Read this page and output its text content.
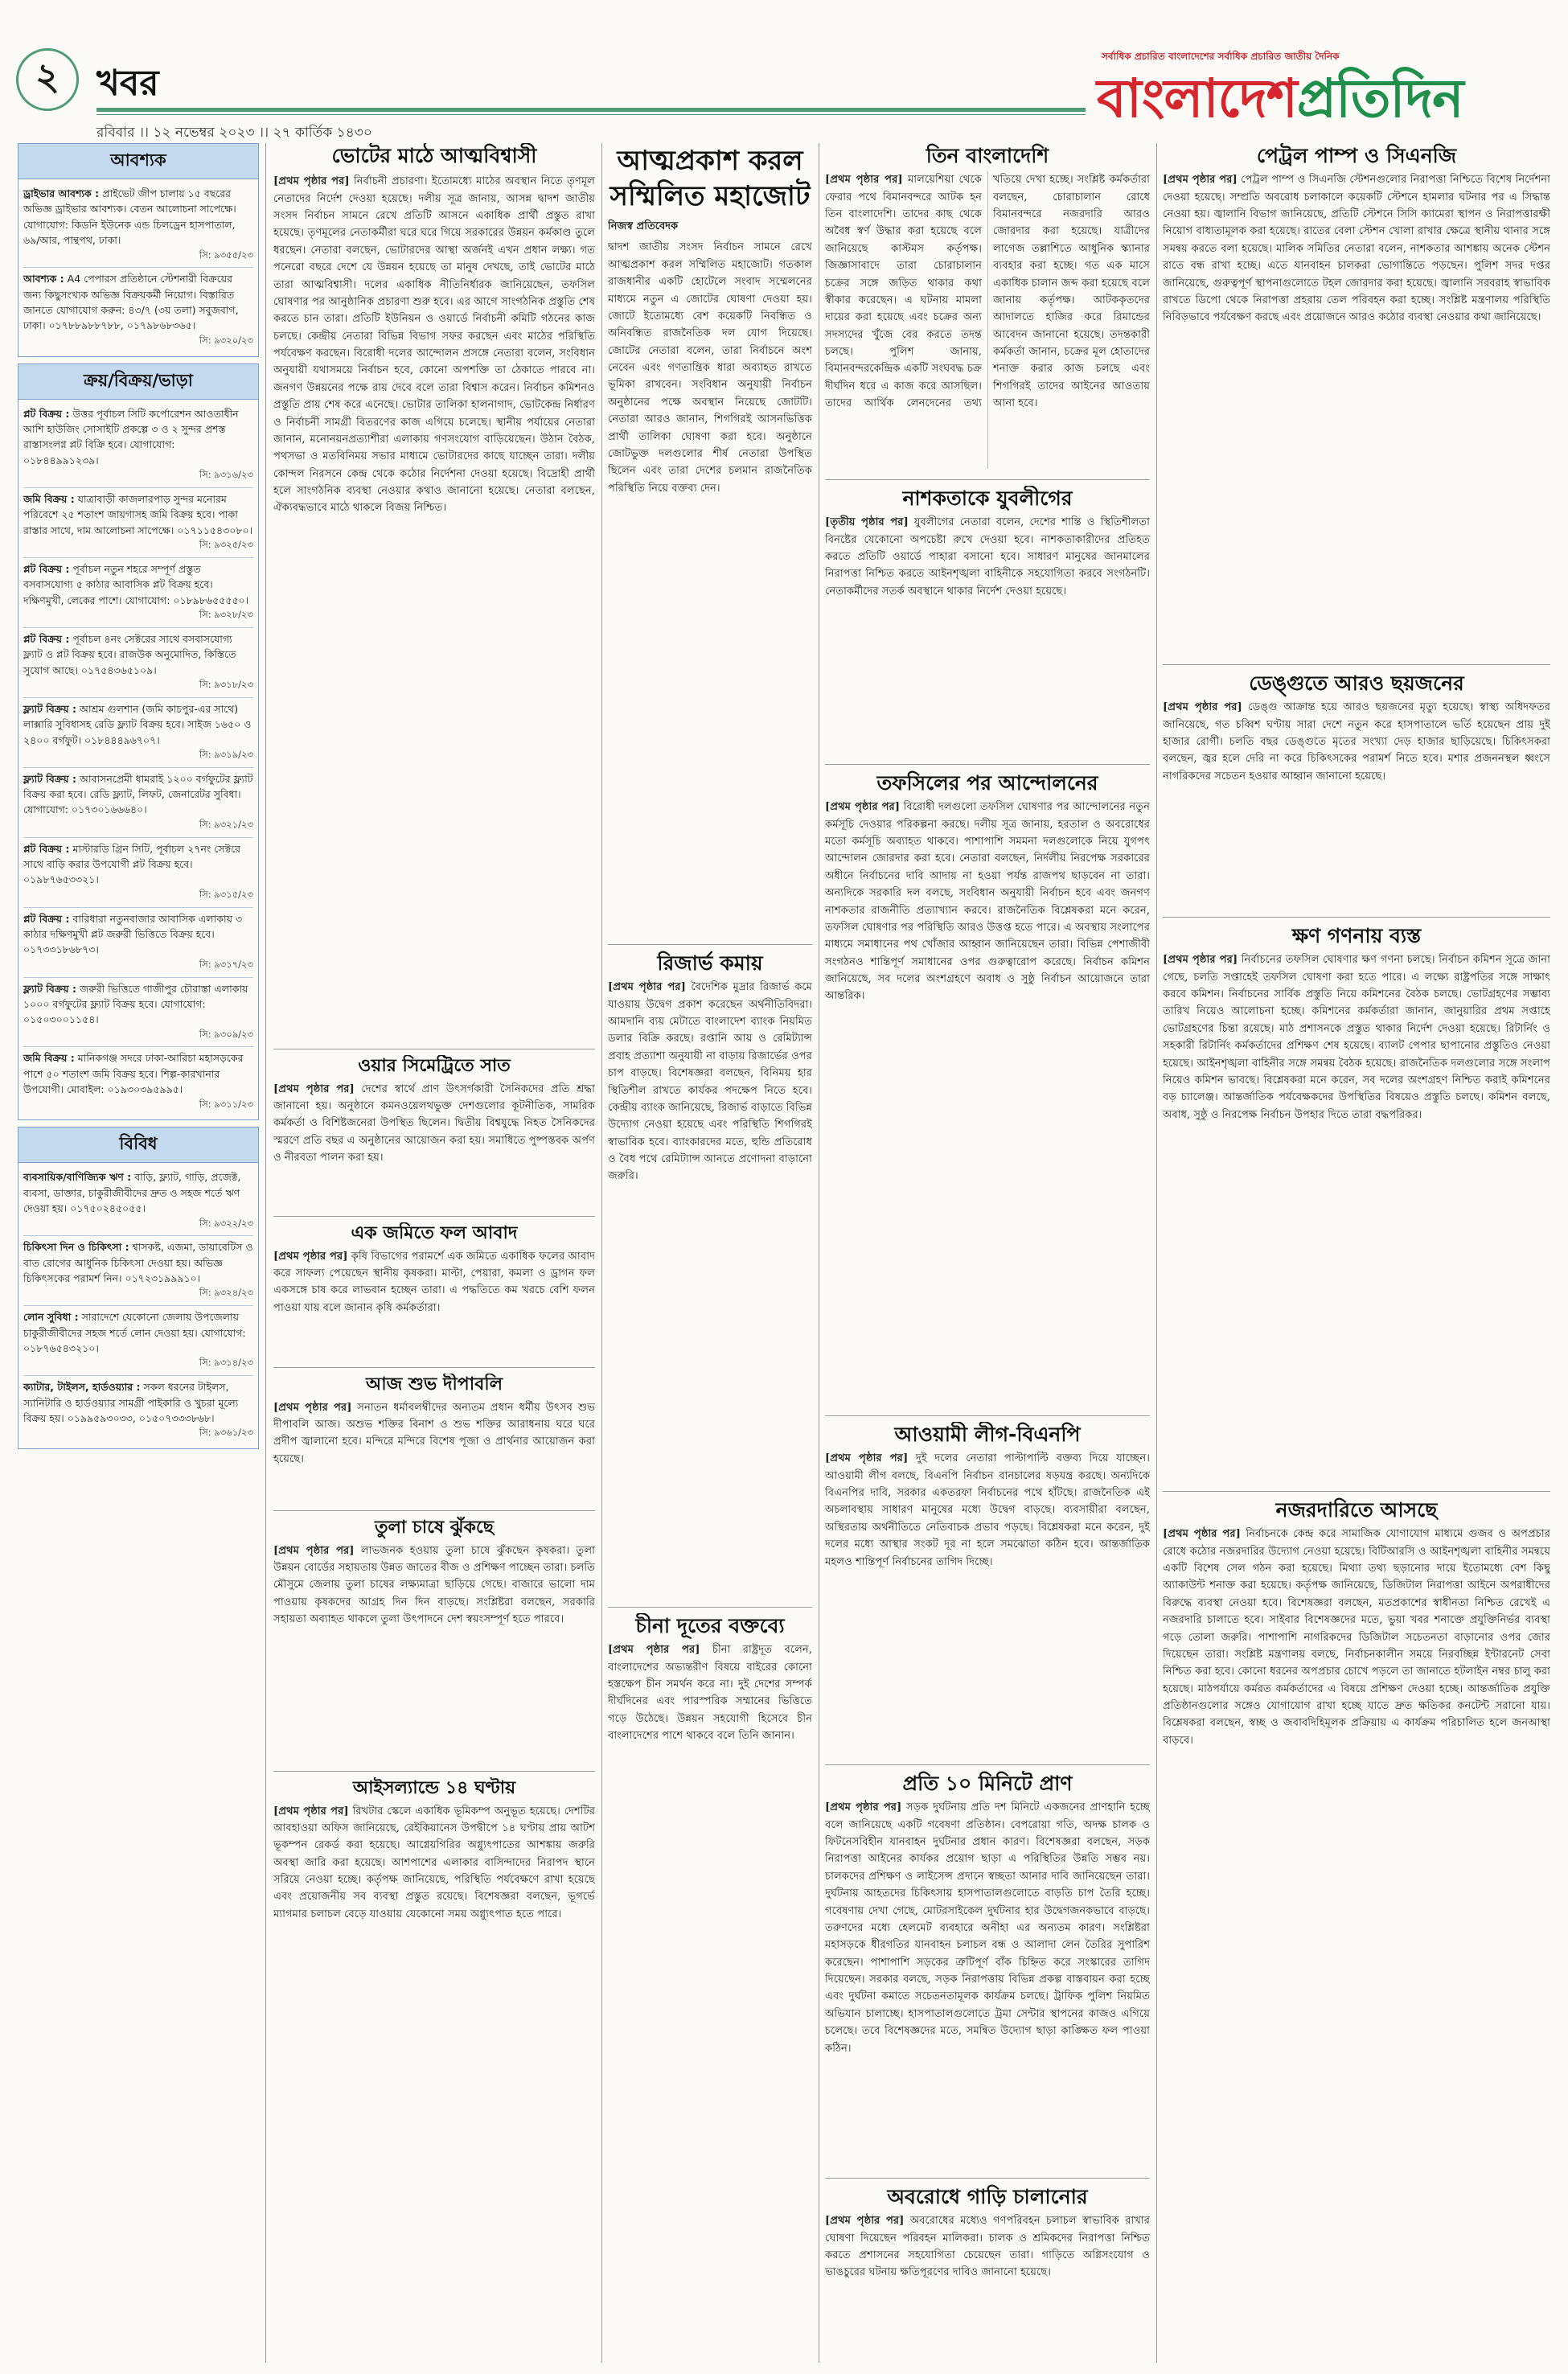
২	খবর
রবিবার ।। ১২ নভেম্বর ২০২৩ ।। ২৭ কার্তিক ১৪৩০
সর্বাধিক প্রচারিত বাংলাদেশের সর্বাধিক প্রচারিত জাতীয় দৈনিক
বাংলাদেশপ্রতিদিন
আবশ্যক
ড্রাইভার আবশ্যক : প্রাইভেট জীপ চালায় ১৫ বছরের অভিজ্ঞ ড্রাইভার আবশ্যক। বেতন আলোচনা সাপেক্ষে। যোগাযোগ: কিডনি ইউনেক এন্ড চিলড্রেন হাসপাতাল, ৬৯/আর, পান্থপথ, ঢাকা।
সি: ৯৩৫৫/২৩
আবশ্যক : A4 পেপারস প্রতিষ্ঠানে স্টেশনারী বিক্রয়ের জন্য কিছুসংখ্যক অভিজ্ঞ বিক্রয়কর্মী নিয়োগ। বিস্তারিত জানতে যোগাযোগ করুন: ৪৩/৭ (৩য় তলা) সবুজবাগ, ঢাকা। ০১৭৮৮৯৮৮৭৮৮, ০১৭৯৮৬৮৩৬৫।
সি: ৯৩২০/২৩
ক্রয়/বিক্রয়/ভাড়া
প্লট বিক্রয় : উত্তর পূর্বাচল সিটি কর্পোরেশন আওতাধীন আশি হাউজিং সোসাইটি প্রকল্পে ৩ ও ২ সুন্দর প্রশস্ত রাস্তাসংলগ্ন প্লট বিক্রি হবে। যোগাযোগ: ০১৮৪৪৯৯১২৩৯।
সি: ৯৩১৬/২৩
জমি বিক্রয় : যাত্রাবাড়ী কাজলারপাড় সুন্দর মনোরম পরিবেশে ২৫ শতাংশ জায়গাসহ জমি বিক্রয় হবে। পাকা রাস্তার সাথে, দাম আলোচনা সাপেক্ষে। ০১৭১১৫৪৩০৮০।
সি: ৯৩২৫/২৩
প্লট বিক্রয় : পূর্বাচল নতুন শহরে সম্পূর্ণ প্রস্তুত বসবাসযোগ্য ৫ কাঠার আবাসিক প্লট বিক্রয় হবে। দক্ষিণমুখী, লেকের পাশে। যোগাযোগ: ০১৮৯৮৬৫৫৫৫০।
সি: ৯৩২৮/২৩
প্লট বিক্রয় : পূর্বাচল ৪নং সেক্টরের সাথে বসবাসযোগ্য ফ্ল্যাট ও প্লট বিক্রয় হবে। রাজউক অনুমোদিত, কিস্তিতে সুযোগ আছে। ০১৭৫৪৩৬৫১০৯।
সি: ৯৩১৮/২৩
ফ্ল্যাট বিক্রয় : আশ্রম গুলশান (জমি কাচপুর-এর সাথে) লাক্সারি সুবিধাসহ রেডি ফ্ল্যাট বিক্রয় হবে। সাইজ ১৬৫০ ও ২৪০০ বর্গফুট। ০১৮৪৪৪৯৬৭০৭।
সি: ৯৩১৯/২৩
ফ্ল্যাট বিক্রয় : আবাসনপ্রেমী ধামরাই ১২০০ বর্গফুটের ফ্ল্যাট বিক্রয় করা হবে। রেডি ফ্ল্যাট, লিফট, জেনারেটর সুবিধা। যোগাযোগ: ০১৭৩০১৬৬৬৪০।
সি: ৯৩২১/২৩
প্লট বিক্রয় : মাস্টারডি গ্রিন সিটি, পূর্বাচল ২৭নং সেক্টরে সাথে বাড়ি করার উপযোগী প্লট বিক্রয় হবে। ০১৯৮৭৬৫৩৩২১।
সি: ৯৩১৫/২৩
প্লট বিক্রয় : বারিধারা নতুনবাজার আবাসিক এলাকায় ৩ কাঠার দক্ষিণমুখী প্লট জরুরী ভিত্তিতে বিক্রয় হবে। ০১৭৩৩১৮৬৮৭৩।
সি: ৯৩১৭/২৩
ফ্ল্যাট বিক্রয় : জরুরী ভিত্তিতে গাজীপুর চৌরাস্তা এলাকায় ১০০০ বর্গফুটের ফ্ল্যাট বিক্রয় হবে। যোগাযোগ: ০১৫০৩০০১১৫৪।
সি: ৯৩০৯/২৩
জমি বিক্রয় : মানিকগঞ্জ সদরে ঢাকা-আরিচা মহাসড়কের পাশে ৫০ শতাংশ জমি বিক্রয় হবে। শিল্প-কারখানার উপযোগী। মোবাইল: ০১৯৩০৩৯৫৯৯৫।
সি: ৯৩১১/২৩
বিবিধ
ব্যবসায়িক/বাণিজ্যিক ঋণ : বাড়ি, ফ্ল্যাট, গাড়ি, প্রজেক্ট, ব্যবসা, ডাক্তার, চাকুরীজীবীদের দ্রুত ও সহজ শর্তে ঋণ দেওয়া হয়। ০১৭৫০২৪৫০৫৫।
সি: ৯৩২২/২৩
চিকিৎসা দিন ও চিকিৎসা : শ্বাসকষ্ট, এজমা, ডায়াবেটিস ও বাত রোগের আধুনিক চিকিৎসা দেওয়া হয়। অভিজ্ঞ চিকিৎসকের পরামর্শ নিন। ০১৭২৩১৯৯৯১০।
সি: ৯৩২৪/২৩
লোন সুবিধা : সারাদেশে যেকোনো জেলায় উপজেলায় চাকুরীজীবীদের সহজ শর্তে লোন দেওয়া হয়। যোগাযোগ: ০১৮৭৬৫৪৩২১০।
সি: ৯৩১৪/২৩
ক্যাটার, টাইলস, হার্ডওয়্যার : সকল ধরনের টাইলস, স্যানিটারি ও হার্ডওয়্যার সামগ্রী পাইকারি ও খুচরা মূল্যে বিক্রয় হয়। ০১৯৯৫৯৩০৩৩, ০১৫০৭৩৩৩৮৬৮।
সি: ৯৩৬১/২৩
ভোটের মাঠে আত্মবিশ্বাসী
[প্রথম পৃষ্ঠার পর] নির্বাচনী প্রচারণা। ইতোমধ্যে মাঠের অবস্থান নিতে তৃণমূল নেতাদের নির্দেশ দেওয়া হয়েছে। দলীয় সূত্র জানায়, আসন্ন দ্বাদশ জাতীয় সংসদ নির্বাচন সামনে রেখে প্রতিটি আসনে একাধিক প্রার্থী প্রস্তুত রাখা হয়েছে। তৃণমূলের নেতাকর্মীরা ঘরে ঘরে গিয়ে সরকারের উন্নয়ন কর্মকাণ্ড তুলে ধরছেন। নেতারা বলছেন, ভোটারদের আস্থা অর্জনই এখন প্রধান লক্ষ্য। গত পনেরো বছরে দেশে যে উন্নয়ন হয়েছে তা মানুষ দেখছে, তাই ভোটের মাঠে তারা আত্মবিশ্বাসী। দলের একাধিক নীতিনির্ধারক জানিয়েছেন, তফসিল ঘোষণার পর আনুষ্ঠানিক প্রচারণা শুরু হবে। এর আগে সাংগঠনিক প্রস্তুতি শেষ করতে চান তারা। প্রতিটি ইউনিয়ন ও ওয়ার্ডে নির্বাচনী কমিটি গঠনের কাজ চলছে। কেন্দ্রীয় নেতারা বিভিন্ন বিভাগ সফর করছেন এবং মাঠের পরিস্থিতি পর্যবেক্ষণ করছেন। বিরোধী দলের আন্দোলন প্রসঙ্গে নেতারা বলেন, সংবিধান অনুযায়ী যথাসময়ে নির্বাচন হবে, কোনো অপশক্তি তা ঠেকাতে পারবে না। জনগণ উন্নয়নের পক্ষে রায় দেবে বলে তারা বিশ্বাস করেন। নির্বাচন কমিশনও প্রস্তুতি প্রায় শেষ করে এনেছে। ভোটার তালিকা হালনাগাদ, ভোটকেন্দ্র নির্ধারণ ও নির্বাচনী সামগ্রী বিতরণের কাজ এগিয়ে চলেছে। স্থানীয় পর্যায়ের নেতারা জানান, মনোনয়নপ্রত্যাশীরা এলাকায় গণসংযোগ বাড়িয়েছেন। উঠান বৈঠক, পথসভা ও মতবিনিময় সভার মাধ্যমে ভোটারদের কাছে যাচ্ছেন তারা। দলীয় কোন্দল নিরসনে কেন্দ্র থেকে কঠোর নির্দেশনা দেওয়া হয়েছে। বিদ্রোহী প্রার্থী হলে সাংগঠনিক ব্যবস্থা নেওয়ার কথাও জানানো হয়েছে। নেতারা বলছেন, ঐক্যবদ্ধভাবে মাঠে থাকলে বিজয় নিশ্চিত।
ওয়ার সিমেট্রিতে সাত
[প্রথম পৃষ্ঠার পর] দেশের স্বার্থে প্রাণ উৎসর্গকারী সৈনিকদের প্রতি শ্রদ্ধা জানানো হয়। অনুষ্ঠানে কমনওয়েলথভুক্ত দেশগুলোর কূটনীতিক, সামরিক কর্মকর্তা ও বিশিষ্টজনেরা উপস্থিত ছিলেন। দ্বিতীয় বিশ্বযুদ্ধে নিহত সৈনিকদের স্মরণে প্রতি বছর এ অনুষ্ঠানের আয়োজন করা হয়। সমাধিতে পুষ্পস্তবক অর্পণ ও নীরবতা পালন করা হয়।
এক জমিতে ফল আবাদ
[প্রথম পৃষ্ঠার পর] কৃষি বিভাগের পরামর্শে এক জমিতে একাধিক ফলের আবাদ করে সাফল্য পেয়েছেন স্থানীয় কৃষকরা। মাল্টা, পেয়ারা, কমলা ও ড্রাগন ফল একসঙ্গে চাষ করে লাভবান হচ্ছেন তারা। এ পদ্ধতিতে কম খরচে বেশি ফলন পাওয়া যায় বলে জানান কৃষি কর্মকর্তারা।
আজ শুভ দীপাবলি
[প্রথম পৃষ্ঠার পর] সনাতন ধর্মাবলম্বীদের অন্যতম প্রধান ধর্মীয় উৎসব শুভ দীপাবলি আজ। অশুভ শক্তির বিনাশ ও শুভ শক্তির আরাধনায় ঘরে ঘরে প্রদীপ জ্বালানো হবে। মন্দিরে মন্দিরে বিশেষ পূজা ও প্রার্থনার আয়োজন করা হয়েছে।
তুলা চাষে ঝুঁকছে
[প্রথম পৃষ্ঠার পর] লাভজনক হওয়ায় তুলা চাষে ঝুঁকছেন কৃষকরা। তুলা উন্নয়ন বোর্ডের সহায়তায় উন্নত জাতের বীজ ও প্রশিক্ষণ পাচ্ছেন তারা। চলতি মৌসুমে জেলায় তুলা চাষের লক্ষ্যমাত্রা ছাড়িয়ে গেছে। বাজারে ভালো দাম পাওয়ায় কৃষকদের আগ্রহ দিন দিন বাড়ছে। সংশ্লিষ্টরা বলছেন, সরকারি সহায়তা অব্যাহত থাকলে তুলা উৎপাদনে দেশ স্বয়ংসম্পূর্ণ হতে পারবে।
আইসল্যান্ডে ১৪ ঘণ্টায়
[প্রথম পৃষ্ঠার পর] রিখটার স্কেলে একাধিক ভূমিকম্প অনুভূত হয়েছে। দেশটির আবহাওয়া অফিস জানিয়েছে, রেইকিয়ানেস উপদ্বীপে ১৪ ঘণ্টায় প্রায় আটশ ভূকম্পন রেকর্ড করা হয়েছে। আগ্নেয়গিরির অগ্ন্যুৎপাতের আশঙ্কায় জরুরি অবস্থা জারি করা হয়েছে। আশপাশের এলাকার বাসিন্দাদের নিরাপদ স্থানে সরিয়ে নেওয়া হচ্ছে। কর্তৃপক্ষ জানিয়েছে, পরিস্থিতি পর্যবেক্ষণে রাখা হয়েছে এবং প্রয়োজনীয় সব ব্যবস্থা প্রস্তুত রয়েছে। বিশেষজ্ঞরা বলছেন, ভূগর্ভে ম্যাগমার চলাচল বেড়ে যাওয়ায় যেকোনো সময় অগ্ন্যুৎপাত হতে পারে।
আত্মপ্রকাশ করল সম্মিলিত মহাজোট
নিজস্ব প্রতিবেদক
দ্বাদশ জাতীয় সংসদ নির্বাচন সামনে রেখে আত্মপ্রকাশ করল সম্মিলিত মহাজোট। গতকাল রাজধানীর একটি হোটেলে সংবাদ সম্মেলনের মাধ্যমে নতুন এ জোটের ঘোষণা দেওয়া হয়। জোটে ইতোমধ্যে বেশ কয়েকটি নিবন্ধিত ও অনিবন্ধিত রাজনৈতিক দল যোগ দিয়েছে। জোটের নেতারা বলেন, তারা নির্বাচনে অংশ নেবেন এবং গণতান্ত্রিক ধারা অব্যাহত রাখতে ভূমিকা রাখবেন। সংবিধান অনুযায়ী নির্বাচন অনুষ্ঠানের পক্ষে অবস্থান নিয়েছে জোটটি। নেতারা আরও জানান, শিগগিরই আসনভিত্তিক প্রার্থী তালিকা ঘোষণা করা হবে। অনুষ্ঠানে জোটভুক্ত দলগুলোর শীর্ষ নেতারা উপস্থিত ছিলেন এবং তারা দেশের চলমান রাজনৈতিক পরিস্থিতি নিয়ে বক্তব্য দেন।
রিজার্ভ কমায়
[প্রথম পৃষ্ঠার পর] বৈদেশিক মুদ্রার রিজার্ভ কমে যাওয়ায় উদ্বেগ প্রকাশ করেছেন অর্থনীতিবিদরা। আমদানি ব্যয় মেটাতে বাংলাদেশ ব্যাংক নিয়মিত ডলার বিক্রি করছে। রপ্তানি আয় ও রেমিট্যান্স প্রবাহ প্রত্যাশা অনুযায়ী না বাড়ায় রিজার্ভের ওপর চাপ বাড়ছে। বিশেষজ্ঞরা বলছেন, বিনিময় হার স্থিতিশীল রাখতে কার্যকর পদক্ষেপ নিতে হবে। কেন্দ্রীয় ব্যাংক জানিয়েছে, রিজার্ভ বাড়াতে বিভিন্ন উদ্যোগ নেওয়া হয়েছে এবং পরিস্থিতি শিগগিরই স্বাভাবিক হবে। ব্যাংকারদের মতে, হুন্ডি প্রতিরোধ ও বৈধ পথে রেমিট্যান্স আনতে প্রণোদনা বাড়ানো জরুরি।
চীনা দূতের বক্তব্যে
[প্রথম পৃষ্ঠার পর] চীনা রাষ্ট্রদূত বলেন, বাংলাদেশের অভ্যন্তরীণ বিষয়ে বাইরের কোনো হস্তক্ষেপ চীন সমর্থন করে না। দুই দেশের সম্পর্ক দীর্ঘদিনের এবং পারস্পরিক সম্মানের ভিত্তিতে গড়ে উঠেছে। উন্নয়ন সহযোগী হিসেবে চীন বাংলাদেশের পাশে থাকবে বলে তিনি জানান।
তিন বাংলাদেশি
[প্রথম পৃষ্ঠার পর] মালয়েশিয়া থেকে ফেরার পথে বিমানবন্দরে আটক হন তিন বাংলাদেশি। তাদের কাছ থেকে অবৈধ স্বর্ণ উদ্ধার করা হয়েছে বলে জানিয়েছে কাস্টমস কর্তৃপক্ষ। জিজ্ঞাসাবাদে তারা চোরাচালান চক্রের সঙ্গে জড়িত থাকার কথা স্বীকার করেছেন। এ ঘটনায় মামলা দায়ের করা হয়েছে এবং চক্রের অন্য সদস্যদের খুঁজে বের করতে তদন্ত চলছে। পুলিশ জানায়, বিমানবন্দরকেন্দ্রিক একটি সংঘবদ্ধ চক্র দীর্ঘদিন ধরে এ কাজ করে আসছিল। তাদের আর্থিক লেনদেনের তথ্য খতিয়ে দেখা হচ্ছে। সংশ্লিষ্ট কর্মকর্তারা বলছেন, চোরাচালান রোধে বিমানবন্দরে নজরদারি আরও জোরদার করা হয়েছে। যাত্রীদের লাগেজ তল্লাশিতে আধুনিক স্ক্যানার ব্যবহার করা হচ্ছে। গত এক মাসে একাধিক চালান জব্দ করা হয়েছে বলে জানায় কর্তৃপক্ষ। আটককৃতদের আদালতে হাজির করে রিমান্ডের আবেদন জানানো হয়েছে। তদন্তকারী কর্মকর্তা জানান, চক্রের মূল হোতাদের শনাক্ত করার কাজ চলছে এবং শিগগিরই তাদের আইনের আওতায় আনা হবে।
নাশকতাকে যুবলীগের
[তৃতীয় পৃষ্ঠার পর] যুবলীগের নেতারা বলেন, দেশের শান্তি ও স্থিতিশীলতা বিনষ্টের যেকোনো অপচেষ্টা রুখে দেওয়া হবে। নাশকতাকারীদের প্রতিহত করতে প্রতিটি ওয়ার্ডে পাহারা বসানো হবে। সাধারণ মানুষের জানমালের নিরাপত্তা নিশ্চিত করতে আইনশৃঙ্খলা বাহিনীকে সহযোগিতা করবে সংগঠনটি। নেতাকর্মীদের সতর্ক অবস্থানে থাকার নির্দেশ দেওয়া হয়েছে।
তফসিলের পর আন্দোলনের
[প্রথম পৃষ্ঠার পর] বিরোধী দলগুলো তফসিল ঘোষণার পর আন্দোলনের নতুন কর্মসূচি দেওয়ার পরিকল্পনা করছে। দলীয় সূত্র জানায়, হরতাল ও অবরোধের মতো কর্মসূচি অব্যাহত থাকবে। পাশাপাশি সমমনা দলগুলোকে নিয়ে যুগপৎ আন্দোলন জোরদার করা হবে। নেতারা বলছেন, নির্দলীয় নিরপেক্ষ সরকারের অধীনে নির্বাচনের দাবি আদায় না হওয়া পর্যন্ত রাজপথ ছাড়বেন না তারা। অন্যদিকে সরকারি দল বলছে, সংবিধান অনুযায়ী নির্বাচন হবে এবং জনগণ নাশকতার রাজনীতি প্রত্যাখ্যান করবে। রাজনৈতিক বিশ্লেষকরা মনে করেন, তফসিল ঘোষণার পর পরিস্থিতি আরও উত্তপ্ত হতে পারে। এ অবস্থায় সংলাপের মাধ্যমে সমাধানের পথ খোঁজার আহ্বান জানিয়েছেন তারা। বিভিন্ন পেশাজীবী সংগঠনও শান্তিপূর্ণ সমাধানের ওপর গুরুত্বারোপ করেছে। নির্বাচন কমিশন জানিয়েছে, সব দলের অংশগ্রহণে অবাধ ও সুষ্ঠু নির্বাচন আয়োজনে তারা আন্তরিক।
আওয়ামী লীগ-বিএনপি
[প্রথম পৃষ্ঠার পর] দুই দলের নেতারা পাল্টাপাল্টি বক্তব্য দিয়ে যাচ্ছেন। আওয়ামী লীগ বলছে, বিএনপি নির্বাচন বানচালের ষড়যন্ত্র করছে। অন্যদিকে বিএনপির দাবি, সরকার একতরফা নির্বাচনের পথে হাঁটছে। রাজনৈতিক এই অচলাবস্থায় সাধারণ মানুষের মধ্যে উদ্বেগ বাড়ছে। ব্যবসায়ীরা বলছেন, অস্থিরতায় অর্থনীতিতে নেতিবাচক প্রভাব পড়ছে। বিশ্লেষকরা মনে করেন, দুই দলের মধ্যে আস্থার সংকট দূর না হলে সমঝোতা কঠিন হবে। আন্তর্জাতিক মহলও শান্তিপূর্ণ নির্বাচনের তাগিদ দিচ্ছে।
প্রতি ১০ মিনিটে প্রাণ
[প্রথম পৃষ্ঠার পর] সড়ক দুর্ঘটনায় প্রতি দশ মিনিটে একজনের প্রাণহানি হচ্ছে বলে জানিয়েছে একটি গবেষণা প্রতিষ্ঠান। বেপরোয়া গতি, অদক্ষ চালক ও ফিটনেসবিহীন যানবাহন দুর্ঘটনার প্রধান কারণ। বিশেষজ্ঞরা বলছেন, সড়ক নিরাপত্তা আইনের কার্যকর প্রয়োগ ছাড়া এ পরিস্থিতির উন্নতি সম্ভব নয়। চালকদের প্রশিক্ষণ ও লাইসেন্স প্রদানে স্বচ্ছতা আনার দাবি জানিয়েছেন তারা। দুর্ঘটনায় আহতদের চিকিৎসায় হাসপাতালগুলোতে বাড়তি চাপ তৈরি হচ্ছে। গবেষণায় দেখা গেছে, মোটরসাইকেল দুর্ঘটনার হার উদ্বেগজনকভাবে বাড়ছে। তরুণদের মধ্যে হেলমেট ব্যবহারে অনীহা এর অন্যতম কারণ। সংশ্লিষ্টরা মহাসড়কে ধীরগতির যানবাহন চলাচল বন্ধ ও আলাদা লেন তৈরির সুপারিশ করেছেন। পাশাপাশি সড়কের ত্রুটিপূর্ণ বাঁক চিহ্নিত করে সংস্কারের তাগিদ দিয়েছেন। সরকার বলছে, সড়ক নিরাপত্তায় বিভিন্ন প্রকল্প বাস্তবায়ন করা হচ্ছে এবং দুর্ঘটনা কমাতে সচেতনতামূলক কার্যক্রম চলছে। ট্রাফিক পুলিশ নিয়মিত অভিযান চালাচ্ছে। হাসপাতালগুলোতে ট্রমা সেন্টার স্থাপনের কাজও এগিয়ে চলেছে। তবে বিশেষজ্ঞদের মতে, সমন্বিত উদ্যোগ ছাড়া কাঙ্ক্ষিত ফল পাওয়া কঠিন।
অবরোধে গাড়ি চালানোর
[প্রথম পৃষ্ঠার পর] অবরোধের মধ্যেও গণপরিবহন চলাচল স্বাভাবিক রাখার ঘোষণা দিয়েছেন পরিবহন মালিকরা। চালক ও শ্রমিকদের নিরাপত্তা নিশ্চিত করতে প্রশাসনের সহযোগিতা চেয়েছেন তারা। গাড়িতে অগ্নিসংযোগ ও ভাঙচুরের ঘটনায় ক্ষতিপূরণের দাবিও জানানো হয়েছে।
পেট্রল পাম্প ও সিএনজি
[প্রথম পৃষ্ঠার পর] পেট্রল পাম্প ও সিএনজি স্টেশনগুলোর নিরাপত্তা নিশ্চিতে বিশেষ নির্দেশনা দেওয়া হয়েছে। সম্প্রতি অবরোধ চলাকালে কয়েকটি স্টেশনে হামলার ঘটনার পর এ সিদ্ধান্ত নেওয়া হয়। জ্বালানি বিভাগ জানিয়েছে, প্রতিটি স্টেশনে সিসি ক্যামেরা স্থাপন ও নিরাপত্তারক্ষী নিয়োগ বাধ্যতামূলক করা হয়েছে। রাতের বেলা স্টেশন খোলা রাখার ক্ষেত্রে স্থানীয় থানার সঙ্গে সমন্বয় করতে বলা হয়েছে। মালিক সমিতির নেতারা বলেন, নাশকতার আশঙ্কায় অনেক স্টেশন রাতে বন্ধ রাখা হচ্ছে। এতে যানবাহন চালকরা ভোগান্তিতে পড়ছেন। পুলিশ সদর দপ্তর জানিয়েছে, গুরুত্বপূর্ণ স্থাপনাগুলোতে টহল জোরদার করা হয়েছে। জ্বালানি সরবরাহ স্বাভাবিক রাখতে ডিপো থেকে নিরাপত্তা প্রহরায় তেল পরিবহন করা হচ্ছে। সংশ্লিষ্ট মন্ত্রণালয় পরিস্থিতি নিবিড়ভাবে পর্যবেক্ষণ করছে এবং প্রয়োজনে আরও কঠোর ব্যবস্থা নেওয়ার কথা জানিয়েছে।
ডেঙ্গুতে আরও ছয়জনের
[প্রথম পৃষ্ঠার পর] ডেঙ্গু আক্রান্ত হয়ে আরও ছয়জনের মৃত্যু হয়েছে। স্বাস্থ্য অধিদফতর জানিয়েছে, গত চব্বিশ ঘণ্টায় সারা দেশে নতুন করে হাসপাতালে ভর্তি হয়েছেন প্রায় দুই হাজার রোগী। চলতি বছর ডেঙ্গুতে মৃতের সংখ্যা দেড় হাজার ছাড়িয়েছে। চিকিৎসকরা বলছেন, জ্বর হলে দেরি না করে চিকিৎসকের পরামর্শ নিতে হবে। মশার প্রজননস্থল ধ্বংসে নাগরিকদের সচেতন হওয়ার আহ্বান জানানো হয়েছে।
ক্ষণ গণনায় ব্যস্ত
[প্রথম পৃষ্ঠার পর] নির্বাচনের তফসিল ঘোষণার ক্ষণ গণনা চলছে। নির্বাচন কমিশন সূত্রে জানা গেছে, চলতি সপ্তাহেই তফসিল ঘোষণা করা হতে পারে। এ লক্ষ্যে রাষ্ট্রপতির সঙ্গে সাক্ষাৎ করবে কমিশন। নির্বাচনের সার্বিক প্রস্তুতি নিয়ে কমিশনের বৈঠক চলছে। ভোটগ্রহণের সম্ভাব্য তারিখ নিয়েও আলোচনা হচ্ছে। কমিশনের কর্মকর্তারা জানান, জানুয়ারির প্রথম সপ্তাহে ভোটগ্রহণের চিন্তা রয়েছে। মাঠ প্রশাসনকে প্রস্তুত থাকার নির্দেশ দেওয়া হয়েছে। রিটার্নিং ও সহকারী রিটার্নিং কর্মকর্তাদের প্রশিক্ষণ শেষ হয়েছে। ব্যালট পেপার ছাপানোর প্রস্তুতিও নেওয়া হয়েছে। আইনশৃঙ্খলা বাহিনীর সঙ্গে সমন্বয় বৈঠক হয়েছে। রাজনৈতিক দলগুলোর সঙ্গে সংলাপ নিয়েও কমিশন ভাবছে। বিশ্লেষকরা মনে করেন, সব দলের অংশগ্রহণ নিশ্চিত করাই কমিশনের বড় চ্যালেঞ্জ। আন্তর্জাতিক পর্যবেক্ষকদের উপস্থিতির বিষয়েও প্রস্তুতি চলছে। কমিশন বলছে, অবাধ, সুষ্ঠু ও নিরপেক্ষ নির্বাচন উপহার দিতে তারা বদ্ধপরিকর।
নজরদারিতে আসছে
[প্রথম পৃষ্ঠার পর] নির্বাচনকে কেন্দ্র করে সামাজিক যোগাযোগ মাধ্যমে গুজব ও অপপ্রচার রোধে কঠোর নজরদারির উদ্যোগ নেওয়া হয়েছে। বিটিআরসি ও আইনশৃঙ্খলা বাহিনীর সমন্বয়ে একটি বিশেষ সেল গঠন করা হয়েছে। মিথ্যা তথ্য ছড়ানোর দায়ে ইতোমধ্যে বেশ কিছু অ্যাকাউন্ট শনাক্ত করা হয়েছে। কর্তৃপক্ষ জানিয়েছে, ডিজিটাল নিরাপত্তা আইনে অপরাধীদের বিরুদ্ধে ব্যবস্থা নেওয়া হবে। বিশেষজ্ঞরা বলছেন, মতপ্রকাশের স্বাধীনতা নিশ্চিত রেখেই এ নজরদারি চালাতে হবে। সাইবার বিশেষজ্ঞদের মতে, ভুয়া খবর শনাক্তে প্রযুক্তিনির্ভর ব্যবস্থা গড়ে তোলা জরুরি। পাশাপাশি নাগরিকদের ডিজিটাল সচেতনতা বাড়ানোর ওপর জোর দিয়েছেন তারা। সংশ্লিষ্ট মন্ত্রণালয় বলছে, নির্বাচনকালীন সময়ে নিরবচ্ছিন্ন ইন্টারনেট সেবা নিশ্চিত করা হবে। কোনো ধরনের অপপ্রচার চোখে পড়লে তা জানাতে হটলাইন নম্বর চালু করা হয়েছে। মাঠপর্যায়ে কর্মরত কর্মকর্তাদের এ বিষয়ে প্রশিক্ষণ দেওয়া হচ্ছে। আন্তর্জাতিক প্রযুক্তি প্রতিষ্ঠানগুলোর সঙ্গেও যোগাযোগ রাখা হচ্ছে যাতে দ্রুত ক্ষতিকর কনটেন্ট সরানো যায়। বিশ্লেষকরা বলছেন, স্বচ্ছ ও জবাবদিহিমূলক প্রক্রিয়ায় এ কার্যক্রম পরিচালিত হলে জনআস্থা বাড়বে।
